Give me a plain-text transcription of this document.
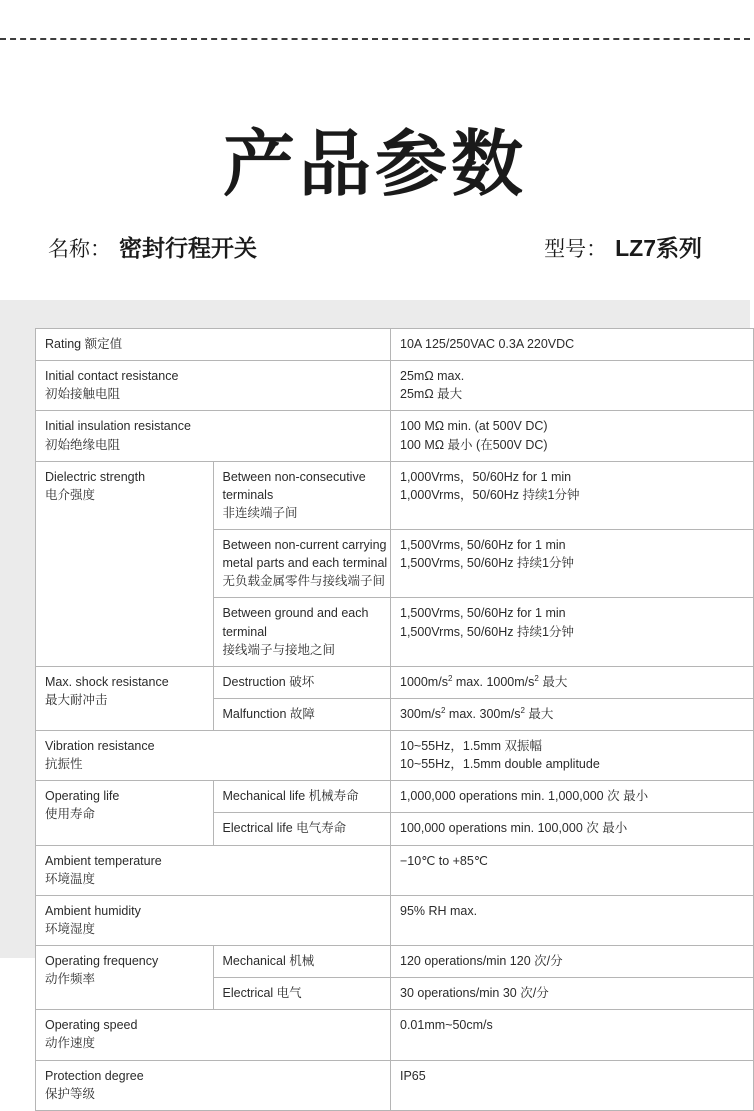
产品参数
名称： 密封行程开关	型号： LZ7系列
Rating 额定值		10A 125/250VAC 0.3A 220VDC

Initial contact resistance
初始接触电阻		25mΩ max.
25mΩ 最大

Initial insulation resistance
初始绝缘电阻		100 MΩ min. (at 500V DC)
100 MΩ 最小 (在500V DC)

Dielectric strength
电介强度	Between non-consecutive
terminals
非连续端子间	1,000Vrms，50/60Hz for 1 min
1,000Vrms，50/60Hz 持续1分钟

	Between non-current carrying
metal parts and each terminal
无负载金属零件与接线端子间	1,500Vrms, 50/60Hz for 1 min
1,500Vrms, 50/60Hz 持续1分钟

	Between ground and each
terminal
接线端子与接地之间	1,500Vrms, 50/60Hz for 1 min
1,500Vrms, 50/60Hz 持续1分钟

Max. shock resistance
最大耐冲击	Destruction 破坏	$1000m/s^2$ max. $1000m/s^2$ 最大

	Malfunction 故障	$300m/s^2$ max. $300m/s^2$ 最大

Vibration resistance
抗振性		10~55Hz，1.5mm 双振幅
10~55Hz，1.5mm double amplitude

Operating life
使用寿命	Mechanical life 机械寿命	1,000,000 operations min. 1,000,000 次 最小

	Electrical life 电气寿命	100,000 operations min. 100,000 次 最小

Ambient temperature
环境温度		−10℃ to +85℃

Ambient humidity
环境湿度		95% RH max.

Operating frequency
动作频率	Mechanical 机械	120 operations/min 120 次/分

	Electrical 电气	30 operations/min 30 次/分

Operating speed
动作速度		0.01mm~50cm/s

Protection degree
保护等级		IP65
